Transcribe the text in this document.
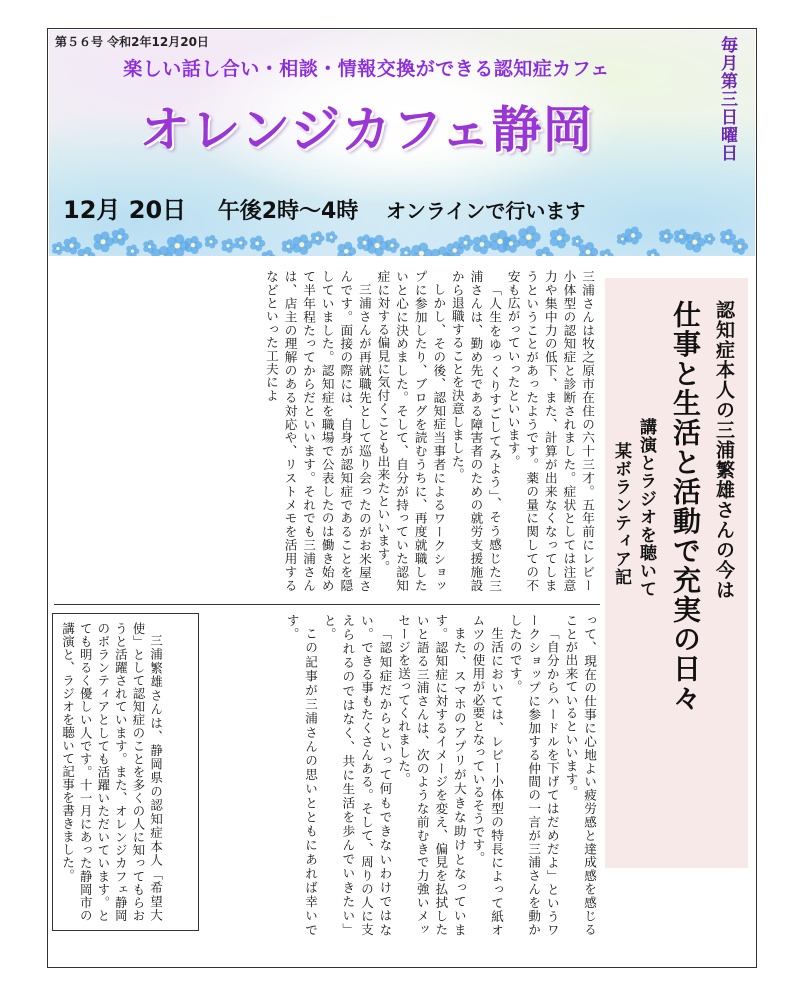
第５６号 令和2年12月20日
楽しい話し合い・相談・情報交換ができる認知症カフェ
オレンジカフェ静岡	毎月第三日曜日
12月 20日 午後2時～4時 オンラインで行います
認知症本人の三浦繁雄さんの今は
仕事と生活と活動で充実の日々
講演とラジオを聴いて
某ボランティア記

三浦さんは牧之原市在住の六十三才。五年前にレビー小体型の認知症と診断されました。症状としては注意力や集中力の低下、また、計算が出来なくなってしまうということがあったようです。薬の量に関しての不安も広がっていったといいます。

「人生をゆっくりすごしてみよう」、そう感じた三浦さんは、勤め先である障害者のための就労支援施設から退職することを決意しました。

しかし、その後、認知症当事者によるワークショップに参加したり、ブログを読むうちに、再度就職したいと心に決めました。そして、自分が持っていた認知症に対する偏見に気付くことも出来たといいます。

三浦さんが再就職先として巡り会ったのがお米屋さんです。面接の際には、自身が認知症であることを隠していました。認知症を職場で公表したのは働き始めて半年程たってからだといいます。それでも三浦さんは、店主の理解のある対応や、リストメモを活用するなどといった工夫によ

って、現在の仕事に心地よい疲労感と達成感を感じることが出来ているといいます。

「自分からハードルを下げてはだめだよ」というワークショップに参加する仲間の一言が三浦さんを動かしたのです。

生活においては、レビー小体型の特長によって紙オムツの使用が必要となっているそうです。

また、スマホのアプリが大きな助けとなっています。認知症に対するイメージを変え、偏見を払拭したいと語る三浦さんは、次のような前むきで力強いメッセージを送ってくれました。

「認知症だからといって何もできないわけではない。できる事もたくさんある。そして、周りの人に支えられるのではなく、共に生活を歩んでいきたい」と。

この記事が三浦さんの思いとともにあれば幸いです。

三浦繁雄さんは、静岡県の認知症本人「希望大使」として認知症のことを多くの人に知ってもらおうと活躍されています。また、オレンジカフェ静岡のボランティアとしても活躍いただいています。とても明るく優しい人です。十一月にあった静岡市の講演と、ラジオを聴いて記事を書きました。
